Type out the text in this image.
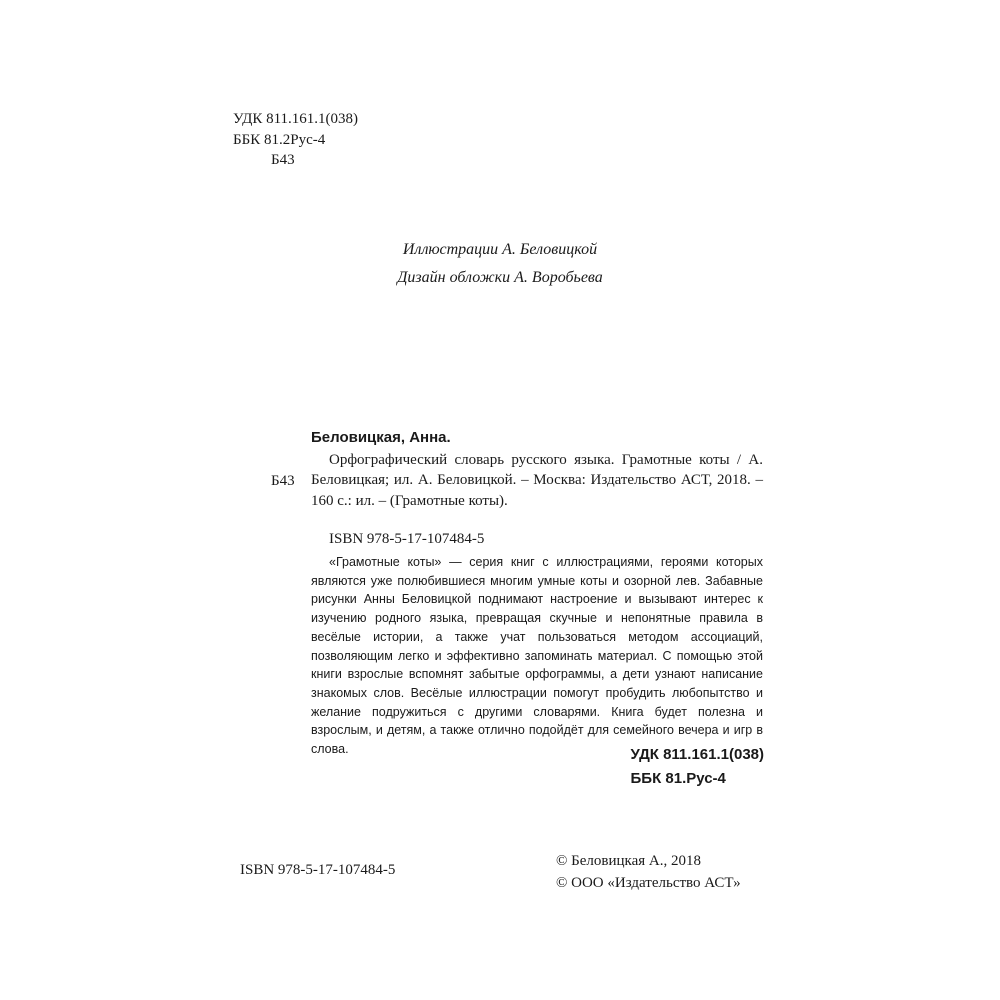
УДК 811.161.1(038)
ББК 81.2Рус-4
Б43
Иллюстрации А. Беловицкой
Дизайн обложки А. Воробьева
Б43
Беловицкая, Анна.
Орфографический словарь русского языка. Грамотные коты / А. Беловицкая; ил. А. Беловицкой. – Москва: Издательство АСТ, 2018. – 160 с.: ил. – (Грамотные коты).
ISBN 978-5-17-107484-5

«Грамотные коты» — серия книг с иллюстрациями, героями которых являются уже полюбившиеся многим умные коты и озорной лев. Забавные рисунки Анны Беловицкой поднимают настроение и вызывают интерес к изучению родного языка, превращая скучные и непонятные правила в весёлые истории, а также учат пользоваться методом ассоциаций, позволяющим легко и эффективно запоминать материал. С помощью этой книги взрослые вспомнят забытые орфограммы, а дети узнают написание знакомых слов. Весёлые иллюстрации помогут пробудить любопытство и желание подружиться с другими словарями. Книга будет полезна и взрослым, и детям, а также отлично подойдёт для семейного вечера и игр в слова.	УДК 811.161.1(038)
ББК 81.Рус-4
ISBN 978-5-17-107484-5
© Беловицкая А., 2018
© ООО «Издательство АСТ»
